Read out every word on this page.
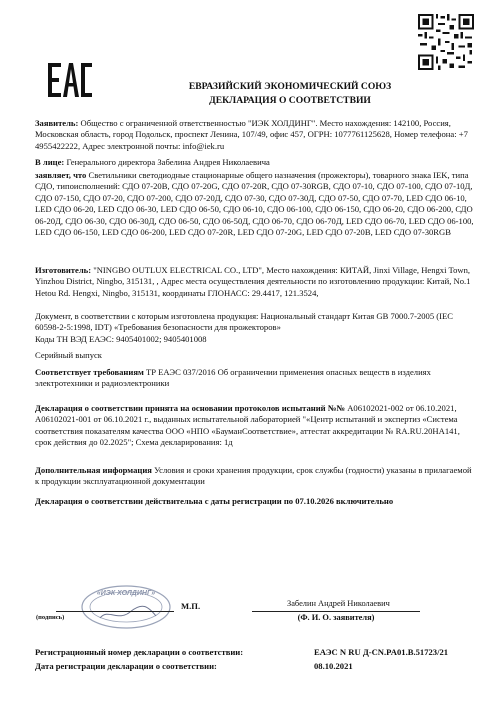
ЕВРАЗИЙСКИЙ ЭКОНОМИЧЕСКИЙ СОЮЗ
ДЕКЛАРАЦИЯ О СООТВЕТСТВИИ
Заявитель: Общество с ограниченной ответственностью "ИЭК ХОЛДИНГ". Место нахождения: 142100, Россия, Московская область, город Подольск, проспект Ленина, 107/49, офис 457, ОГРН: 1077761125628, Номер телефона: +7 4955422222, Адрес электронной почты: info@iek.ru
В лице: Генерального директора Забелина Андрея Николаевича
заявляет, что Светильники светодиодные стационарные общего назначения (прожекторы), товарного знака IEK, типа СДО, типоисполнений: СДО 07-20В, СДО 07-20G, СДО 07-20R, СДО 07-30RGB, СДО 07-10, СДО 07-100, СДО 07-10Д, СДО 07-150, СДО 07-20, СДО 07-200, СДО 07-20Д, СДО 07-30, СДО 07-30Д, СДО 07-50, СДО 07-70, LED СДО 06-10, LED СДО 06-20, LED СДО 06-30, LED СДО 06-50, СДО 06-10, СДО 06-100, СДО 06-150, СДО 06-20, СДО 06-200, СДО 06-20Д, СДО 06-30, СДО 06-30Д, СДО 06-50, СДО 06-50Д, СДО 06-70, СДО 06-70Д, LED СДО 06-70, LED СДО 06-100, LED СДО 06-150, LED СДО 06-200, LED СДО 07-20R, LED СДО 07-20G, LED СДО 07-20В, LED СДО 07-30RGB
Изготовитель: "NINGBO OUTLUX ELECTRICAL CO., LTD", Место нахождения: КИТАЙ, Jinxi Village, Hengxi Town, Yinzhou District, Ningbo, 315131, , Адрес места осуществления деятельности по изготовлению продукции: Китай, No.1 Hetou Rd. Hengxi, Ningbo, 315131, координаты ГЛОНАСС: 29.4417, 121.3524,
Документ, в соответствии с которым изготовлена продукция: Национальный стандарт Китая GB 7000.7-2005 (IEC 60598-2-5:1998, IDT) «Требования безопасности для прожекторов»
Коды ТН ВЭД ЕАЭС: 9405401002; 9405401008
Серийный выпуск
Соответствует требованиям ТР ЕАЭС 037/2016 Об ограничении применения опасных веществ в изделиях электротехники и радиоэлектроники
Декларация о соответствии принята на основании протоколов испытаний №№ А06102021-002 от 06.10.2021, А06102021-001 от 06.10.2021 г., выданных испытательной лабораторией "«Центр испытаний и экспертиз «Система соответствия показателям качества ООО «НПО «БауманСоответствие», аттестат аккредитации № RA.RU.20HA141, срок действия до 02.2025"; Схема декларирования: 1д
Дополнительная информация Условия и сроки хранения продукции, срок службы (годности) указаны в прилагаемой к продукции эксплуатационной документации
Декларация о соответствии действительна с даты регистрации по 07.10.2026 включительно
«ИЭК ХОЛДИНГ»
(подпись)
М.П.	Забелин Андрей Николаевич
(Ф. И. О. заявителя)
Регистрационный номер декларации о соответствии:	ЕАЭС N RU Д-CN.PA01.B.51723/21
Дата регистрации декларации о соответствии:	08.10.2021
